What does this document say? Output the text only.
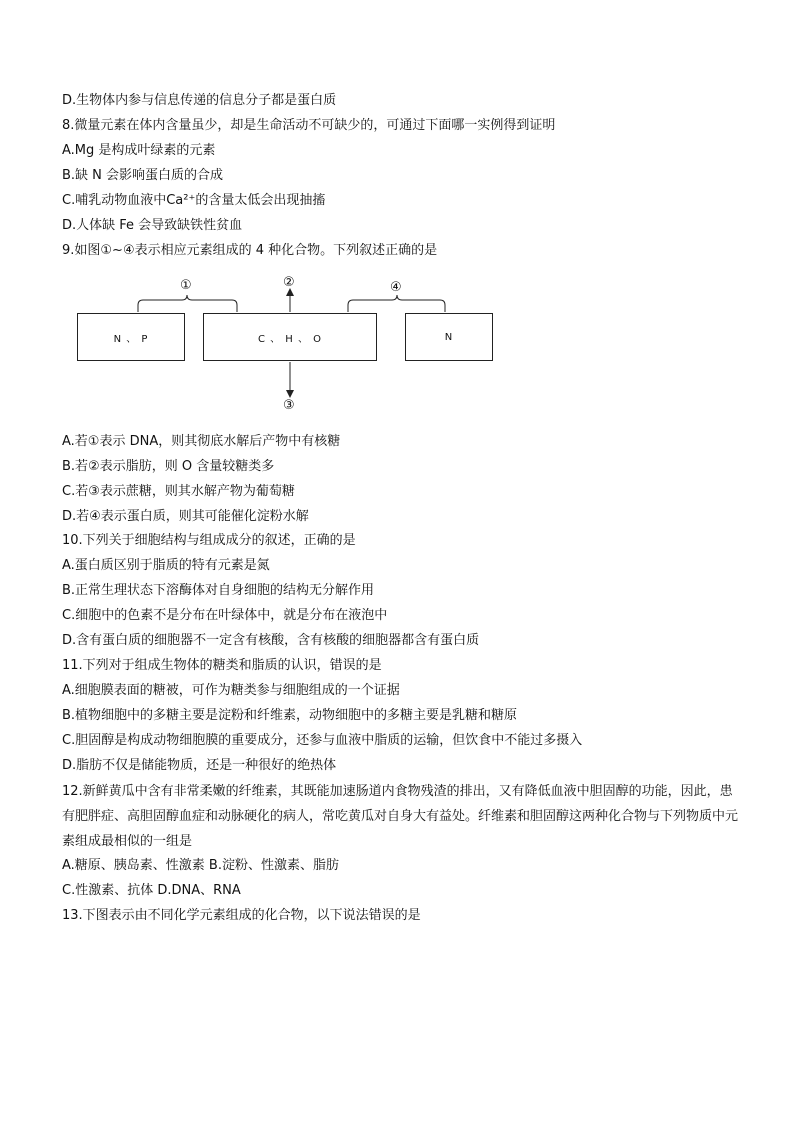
D.生物体内参与信息传递的信息分子都是蛋白质
8.微量元素在体内含量虽少，却是生命活动不可缺少的，可通过下面哪一实例得到证明
A.Mg 是构成叶绿素的元素
B.缺 N 会影响蛋白质的合成
C.哺乳动物血液中Ca²⁺的含量太低会出现抽搐
D.人体缺 Fe 会导致缺铁性贫血
9.如图①~④表示相应元素组成的 4 种化合物。下列叙述正确的是
N 、 P	C 、 H 、 O	N
①	②
③
④
A.若①表示 DNA，则其彻底水解后产物中有核糖
B.若②表示脂肪，则 O 含量较糖类多
C.若③表示蔗糖，则其水解产物为葡萄糖
D.若④表示蛋白质，则其可能催化淀粉水解
10.下列关于细胞结构与组成成分的叙述，正确的是
A.蛋白质区别于脂质的特有元素是氮
B.正常生理状态下溶酶体对自身细胞的结构无分解作用
C.细胞中的色素不是分布在叶绿体中，就是分布在液泡中
D.含有蛋白质的细胞器不一定含有核酸，含有核酸的细胞器都含有蛋白质
11.下列对于组成生物体的糖类和脂质的认识，错误的是
A.细胞膜表面的糖被，可作为糖类参与细胞组成的一个证据
B.植物细胞中的多糖主要是淀粉和纤维素，动物细胞中的多糖主要是乳糖和糖原
C.胆固醇是构成动物细胞膜的重要成分，还参与血液中脂质的运输，但饮食中不能过多摄入
D.脂肪不仅是储能物质，还是一种很好的绝热体
12.新鲜黄瓜中含有非常柔嫩的纤维素，其既能加速肠道内食物残渣的排出，又有降低血液中胆固醇的功能，因此，患有肥胖症、高胆固醇血症和动脉硬化的病人，常吃黄瓜对自身大有益处。纤维素和胆固醇这两种化合物与下列物质中元素组成最相似的一组是
A.糖原、胰岛素、性激素 B.淀粉、性激素、脂肪
C.性激素、抗体 D.DNA、RNA
13.下图表示由不同化学元素组成的化合物，以下说法错误的是
